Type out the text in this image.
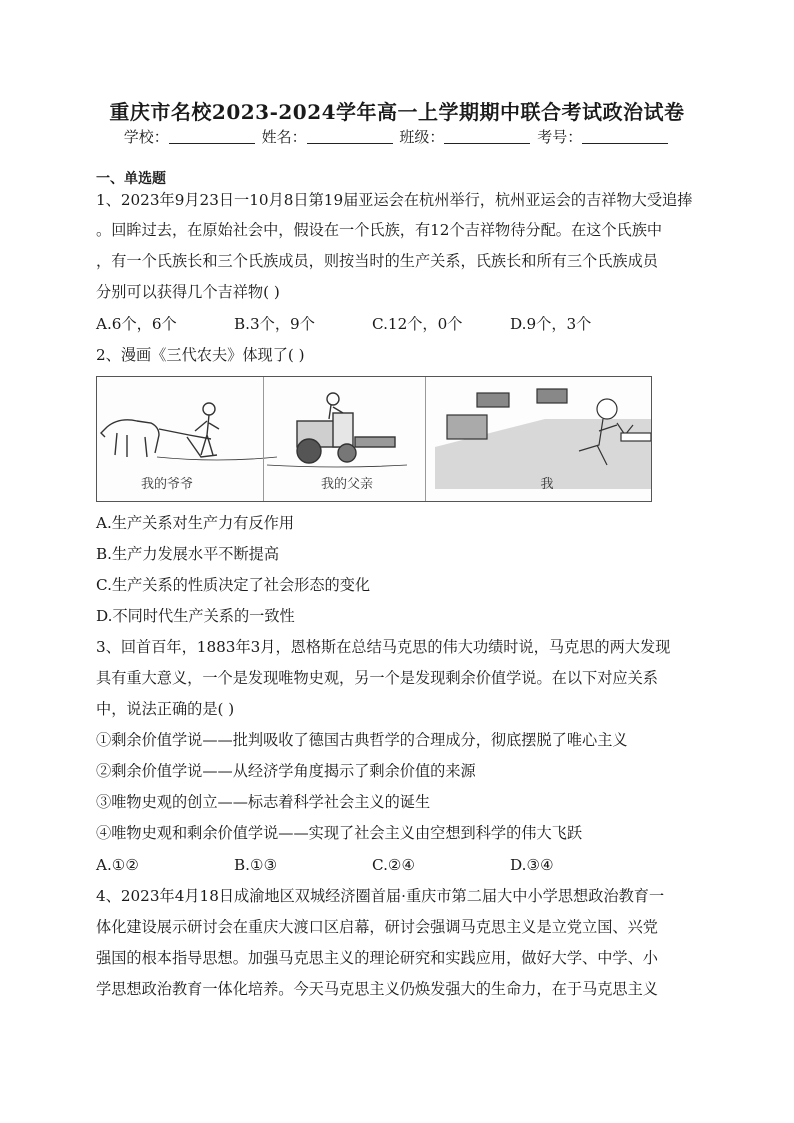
重庆市名校2023-2024学年高一上学期期中联合考试政治试卷
学校：	姓名：	班级：	考号：
一、单选题
1、2023年9月23日一10月8日第19届亚运会在杭州举行，杭州亚运会的吉祥物大受追捧
。回眸过去，在原始社会中，假设在一个氏族，有12个吉祥物待分配。在这个氏族中
，有一个氏族长和三个氏族成员，则按当时的生产关系，氏族长和所有三个氏族成员
分别可以获得几个吉祥物( )
A.6个，6个	B.3个，9个	C.12个，0个	D.9个，3个
2、漫画《三代农夫》体现了( )
我的爷爷	我的父亲	我
A.生产关系对生产力有反作用
B.生产力发展水平不断提高
C.生产关系的性质决定了社会形态的变化
D.不同时代生产关系的一致性
3、回首百年，1883年3月，恩格斯在总结马克思的伟大功绩时说，马克思的两大发现
具有重大意义，一个是发现唯物史观，另一个是发现剩余价值学说。在以下对应关系
中，说法正确的是( )
①剩余价值学说——批判吸收了德国古典哲学的合理成分，彻底摆脱了唯心主义
②剩余价值学说——从经济学角度揭示了剩余价值的来源
③唯物史观的创立——标志着科学社会主义的诞生
④唯物史观和剩余价值学说——实现了社会主义由空想到科学的伟大飞跃
A.①②	B.①③	C.②④	D.③④
4、2023年4月18日成渝地区双城经济圈首届·重庆市第二届大中小学思想政治教育一
体化建设展示研讨会在重庆大渡口区启幕，研讨会强调马克思主义是立党立国、兴党
强国的根本指导思想。加强马克思主义的理论研究和实践应用，做好大学、中学、小
学思想政治教育一体化培养。今天马克思主义仍焕发强大的生命力，在于马克思主义
